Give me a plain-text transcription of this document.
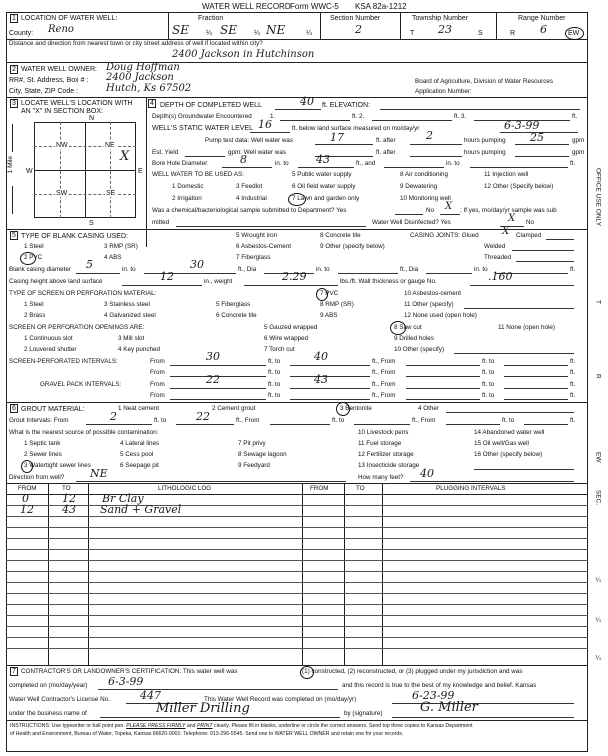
WATER WELL RECORD Form WWC-5 KSA 82a-1212
1 LOCATION OF WATER WELL:	Fraction	Section Number	Township Number	Range Number
County: Reno	SE ¼ SE ¼ NE	¼	2	T 23	S	R 6	EW
Distance and direction from nearest town or city street address of well if located within city?
2400 Jackson in Hutchinson
2 WATER WELL OWNER: Doug Hoffman
RR#, St. Address, Box # : 2400 Jackson
City, State, ZIP Code :	Hutch, Ks 67502
Board of Agriculture, Division of Water Resources
Application Number:
3 LOCATE WELL'S LOCATION WITH
AN "X" IN SECTION BOX:
N
S
W	E
NW	NE
SW	SE
X
1 Mile
4 DEPTH OF COMPLETED WELL	40 ft. ELEVATION:
Depth(s) Groundwater Encountered	1.	ft. 2.	ft. 3.	ft.
WELL'S STATIC WATER LEVEL 16	ft. below land surface measured on mo/day/yr	6-3-99
Pump test data: Well water was	17	ft. after	2	hours pumping 25	gpm
Est. Yield	gpm: Well water was	ft. after	hours pumping	gpm
Bore Hole Diameter	8	in. to 43	ft., and	in. to	ft.
WELL WATER TO BE USED AS:	5 Public water supply	8 Air conditioning	11 Injection well
1 Domestic	3 Feedlot	6 Oil field water supply	9 Dewatering	12 Other (Specify below)
2 Irrigation	4 Industrial	7 Lawn and garden only	10 Monitoring well
Was a chemical/bacteriological sample submitted to Department? Yes	No X ; If yes, mo/day/yr sample was sub
mitted	Water Well Disinfected? Yes	X No
5 TYPE OF BLANK CASING USED:	5 Wrought iron	8 Concrete tile
1 Steel	3 RMP (SR)	6 Asbestos-Cement	9 Other (specify below)
2 PVC	4 ABS	7 Fiberglass
CASING JOINTS: Glued X Clamped
Welded
Threaded
Blank casing diameter 5	in. to	30	ft., Dia	in. to	ft., Dia	in. to	ft.
Casing height above land surface	12	in., weight	2.29	lbs./ft. Wall thickness or gauge No.	.160
TYPE OF SCREEN OR PERFORATION MATERIAL:	7 PVC	10 Asbestos-cement
1 Steel	3 Stainless steel	5 Fiberglass	8 RMP (SR)	11 Other (specify)
2 Brass	4 Galvanized steel	6 Concrete tile	9 ABS	12 None used (open hole)
SCREEN OR PERFORATION OPENINGS ARE:	5 Gauzed wrapped	8 Saw cut	11 None (open hole)
1 Continuous slot	3 Mill slot	6 Wire wrapped	9 Drilled holes
2 Louvered shutter	4 Key punched	7 Torch cut	10 Other (specify)
SCREEN-PERFORATED INTERVALS:	From	30	ft. to	40	ft., From	ft. to	ft.
From	ft. to	ft., From	ft. to	ft.
GRAVEL PACK INTERVALS:	From	22	ft. to	43	ft., From	ft. to	ft.
From	ft. to	ft., From	ft. to	ft.
6 GROUT MATERIAL:	1 Neat cement	2 Cement grout	3 Bentonite	4 Other
Grout Intervals: From	2	ft. to	22	ft., From	ft. to	ft., From	ft. to	ft.
What is the nearest source of possible contamination:	10 Livestock pens	14 Abandoned water well
1 Septic tank	4 Lateral lines	7 Pit privy	11 Fuel storage	15 Oil well/Gas well
2 Sewer lines	5 Cess pool	8 Sewage lagoon	12 Fertilizer storage	16 Other (specify below)
3 Watertight sewer lines	6 Seepage pit	9 Feedyard	13 Insecticide storage
Direction from well? NE	How many feet? 40
FROM	TO	LITHOLOGIC LOG	FROM	TO	PLUGGING INTERVALS
0	12 Br Clay
12	43 Sand + Gravel
7 CONTRACTOR'S OR LANDOWNER'S CERTIFICATION: This water well was	(1) constructed, (2) reconstructed, or (3) plugged under my jurisdiction and was
completed on (mo/day/year) 6-3-99	and this record is true to the best of my knowledge and belief. Kansas
Water Well Contractor's License No.	447	This Water Well Record was completed on (mo/day/yr)	6-23-99
under the business name of	Miller Drilling	by (signature)	G. Miller
INSTRUCTIONS: Use typewriter or ball point pen. PLEASE PRESS FIRMLY and PRINT clearly. Please fill in blanks, underline or circle the correct answers. Send top three copies to Kansas Department
of Health and Environment, Bureau of Water, Topeka, Kansas 66620-0001: Telephone: 913-296-5545. Send one to WATER WELL OWNER and retain one for your records.
OFFICE USE ONLY
T
R
EW
SEC.
¼
¼
¼
